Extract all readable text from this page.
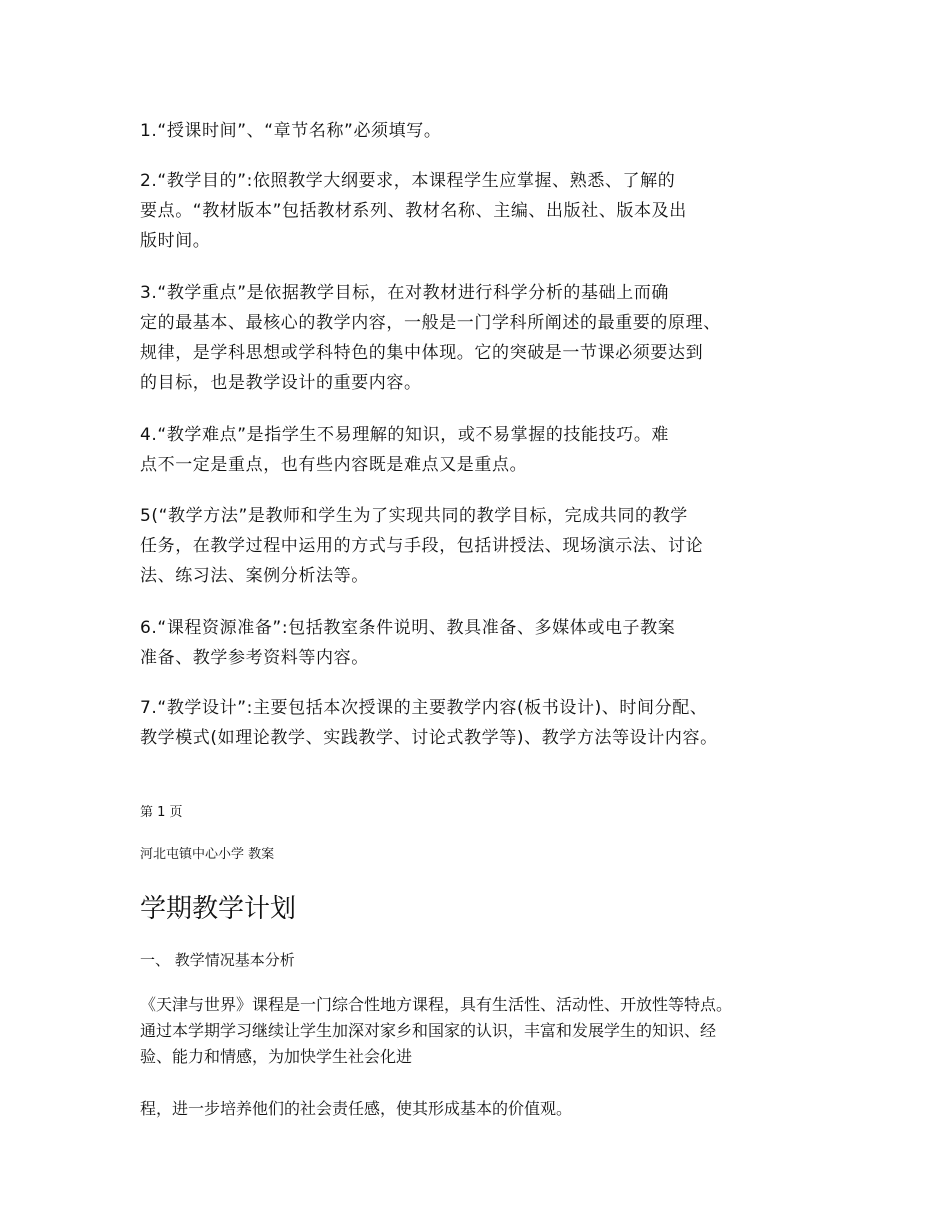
1.“授课时间”、“章节名称”必须填写。
2.“教学目的”:依照教学大纲要求，本课程学生应掌握、熟悉、了解的
要点。“教材版本”包括教材系列、教材名称、主编、出版社、版本及出
版时间。
3.“教学重点”是依据教学目标，在对教材进行科学分析的基础上而确
定的最基本、最核心的教学内容，一般是一门学科所阐述的最重要的原理、
规律，是学科思想或学科特色的集中体现。它的突破是一节课必须要达到
的目标，也是教学设计的重要内容。
4.“教学难点”是指学生不易理解的知识，或不易掌握的技能技巧。难
点不一定是重点，也有些内容既是难点又是重点。
5(“教学方法”是教师和学生为了实现共同的教学目标，完成共同的教学
任务，在教学过程中运用的方式与手段，包括讲授法、现场演示法、讨论
法、练习法、案例分析法等。
6.“课程资源准备”:包括教室条件说明、教具准备、多媒体或电子教案
准备、教学参考资料等内容。
7.“教学设计”:主要包括本次授课的主要教学内容(板书设计)、时间分配、
教学模式(如理论教学、实践教学、讨论式教学等)、教学方法等设计内容。

第 1 页

河北屯镇中心小学 教案

学期教学计划

一、 教学情况基本分析

《天津与世界》课程是一门综合性地方课程，具有生活性、活动性、开放性等特点。
通过本学期学习继续让学生加深对家乡和国家的认识，丰富和发展学生的知识、经
验、能力和情感，为加快学生社会化进

程，进一步培养他们的社会责任感，使其形成基本的价值观。
